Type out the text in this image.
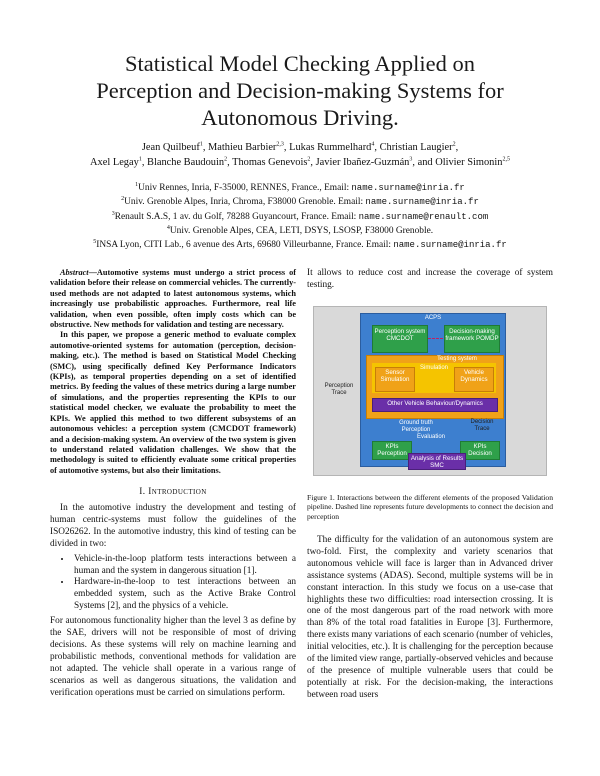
Statistical Model Checking Applied on
Perception and Decision-making Systems for
Autonomous Driving.
Jean Quilbeuf$^1$, Mathieu Barbier$^{2,3}$, Lukas Rummelhard$^4$, Christian Laugier$^2$,
Axel Legay$^1$, Blanche Baudouin$^2$, Thomas Genevois$^2$, Javier Ibañez-Guzmán$^3$, and Olivier Simonin$^{2,5}$
$^1$Univ Rennes, Inria, F-35000, RENNES, France., Email: name.surname@inria.fr
$^2$Univ. Grenoble Alpes, Inria, Chroma, F38000 Grenoble. Email: name.surname@inria.fr
$^3$Renault S.A.S, 1 av. du Golf, 78288 Guyancourt, France. Email: name.surname@renault.com
$^4$Univ. Grenoble Alpes, CEA, LETI, DSYS, LSOSP, F38000 Grenoble.
$^5$INSA Lyon, CITI Lab., 6 avenue des Arts, 69680 Villeurbanne, France. Email: name.surname@inria.fr

Abstract—Automotive systems must undergo a strict process of validation before their release on commercial vehicles. The currently-used methods are not adapted to latest autonomous systems, which increasingly use probabilistic approaches. Furthermore, real life validation, when even possible, often imply costs which can be obstructive. New methods for validation and testing are necessary.

In this paper, we propose a generic method to evaluate complex automotive-oriented systems for automation (perception, decision-making, etc.). The method is based on Statistical Model Checking (SMC), using specifically defined Key Performance Indicators (KPIs), as temporal properties depending on a set of identified metrics. By feeding the values of these metrics during a large number of simulations, and the properties representing the KPIs to our statistical model checker, we evaluate the probability to meet the KPIs. We applied this method to two different subsystems of an autonomous vehicles: a perception system (CMCDOT framework) and a decision-making system. An overview of the two system is given to understand related validation challenges. We show that the methodology is suited to efficiently evaluate some critical properties of automotive systems, but also their limitations.

I. Introduction

In the automotive industry the development and testing of human centric-systems must follow the guidelines of the ISO26262. In the automotive industry, this kind of testing can be divided in two:

• Vehicle-in-the-loop platform tests interactions between a human and the system in dangerous situation [1].
• Hardware-in-the-loop to test interactions between an embedded system, such as the Active Brake Control Systems [2], and the physics of a vehicle.

For autonomous functionality higher than the level 3 as define by the SAE, drivers will not be responsible of most of driving decisions. As these systems will rely on machine learning and probabilistic methods, conventional methods for validation are not adapted. The vehicle shall operate in a various range of scenarios as well as dangerous situations, the validation and verification operations must be carried on simulations perform.

It allows to reduce cost and increase the coverage of system testing.

ACPS
Perception system CMCDOT
Decision-making framework POMDP
Testing system
Simulation
Sensor Simulation
Vehicle Dynamics
Other Vehicle Behaviour/Dynamics
Perception Trace
Decision Trace
Ground truth Perception
Evaluation
KPIs Perception
KPIs Decision
Analysis of Results SMC
Figure 1. Interactions between the different elements of the proposed Validation pipeline. Dashed line represents future developments to connect the decision and perception

The difficulty for the validation of an autonomous system are two-fold. First, the complexity and variety scenarios that autonomous vehicle will face is larger than in Advanced driver assistance systems (ADAS). Second, multiple systems will be in constant interaction. In this study we focus on a use-case that highlights these two difficulties: road intersection crossing. It is one of the most dangerous part of the road network with more than 8% of the total road fatalities in Europe [3]. Furthermore, there exists many variations of each scenario (number of vehicles, initial velocities, etc.). It is challenging for the perception because of the limited view range, partially-observed vehicles and because of the presence of multiple vulnerable users that could be potentially at risk. For the decision-making, the interactions between road users
